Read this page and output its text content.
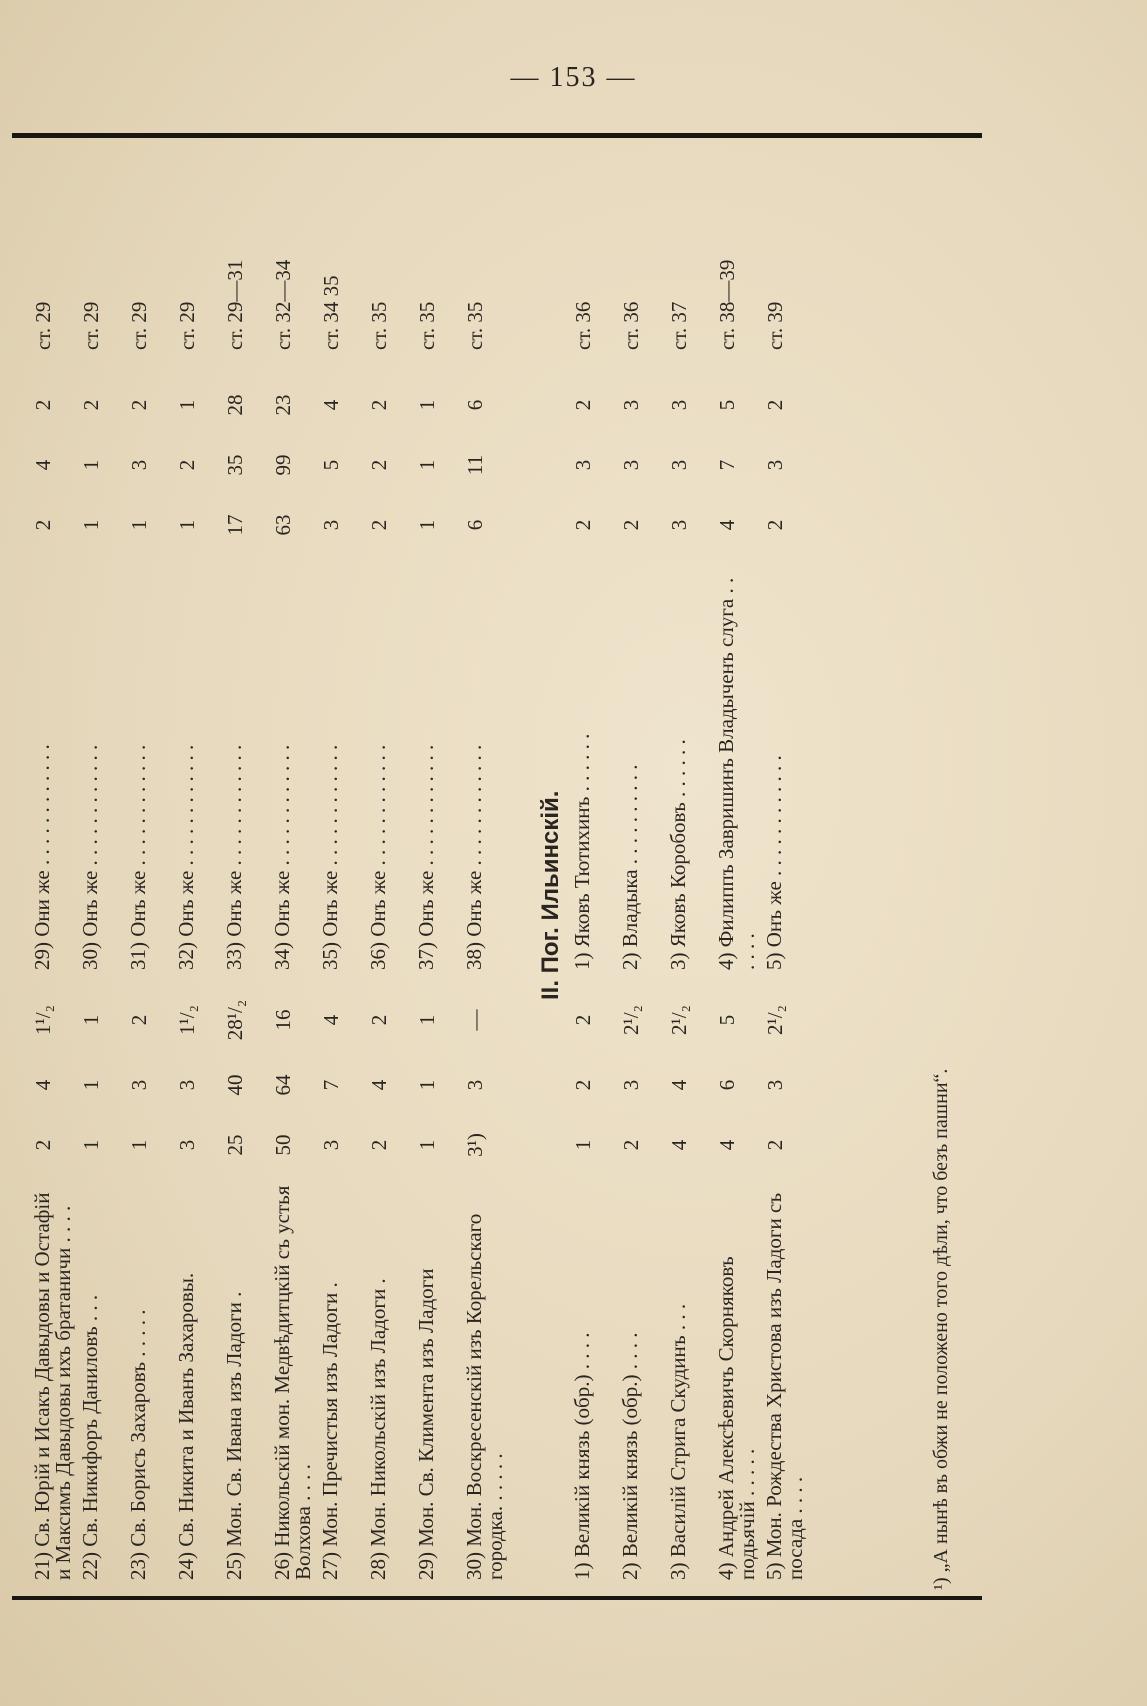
— 153 —
21) Св. Юрій и Исакъ Давыдовы и Остафій и Максимъ Давыдовы ихъ братаничи . . . .
2
4
1¹/₂
29) Они же . . . . . . . . . . . .
2
4
2
ст. 29
22) Св. Никифоръ Даниловъ . . .
1
1
1
30) Онъ же . . . . . . . . . . . .
1
1
2
ст. 29
23) Св. Борисъ Захаровъ . . . . .
1
3
2
31) Онъ же . . . . . . . . . . . .
1
3
2
ст. 29
24) Св. Никита и Иванъ Захаровы.
3
3
1¹/₂
32) Онъ же . . . . . . . . . . . .
1
2
1
ст. 29
25) Мон. Св. Ивана изъ Ладоги .
25
40
28¹/₂
33) Онъ же . . . . . . . . . . . .
17
35
28
ст. 29—31
26) Никольскій мон. Медвѣдитцкій съ устья Волхова . . . .
50
64
16
34) Онъ же . . . . . . . . . . . .
63
99
23
ст. 32—34
27) Мон. Пречистыя изъ Ладоги .
3
7
4
35) Онъ же . . . . . . . . . . . .
3
5
4
ст. 34 35
28) Мон. Никольскій изъ Ладоги .
2
4
2
36) Онъ же . . . . . . . . . . . .
2
2
2
ст. 35
29) Мон. Св. Климента изъ Ладоги
1
1
1
37) Онъ же . . . . . . . . . . . .
1
1
1
ст. 35
30) Мон. Воскресенскій изъ Корельскаго городка. . . . . .
3¹)
3
—
38) Онъ же . . . . . . . . . . . .
6
11
6
ст. 35
II. Пог. Ильинскій.
1) Великій князь (обр.) . . . .
1
2
2
1) Яковъ Тютихинъ . . . . . .
2
3
2
ст. 36
2) Великій князь (обр.) . . . .
2
3
2¹/₂
2) Владыка . . . . . . . . . .
2
3
3
ст. 36
3) Василій Стрига Скудинъ . . .
4
4
2¹/₂
3) Яковъ Коробовъ . . . . . .
3
3
3
ст. 37
4) Андрей Алексѣевичъ Скорняковъ подьячій . . . . .
4
6
5
4) Филиппъ Завришинъ Владыченъ слуга . . . . . .
4
7
5
ст. 38—39
5) Мон. Рождества Христова изъ Ладоги съ посада . . . .
2
3
2¹/₂
5) Онъ же . . . . . . . . . . . .
2
3
2
ст. 39
¹) „А нынѣ въ обжи не положено того дѣли, что безъ пашни“.
